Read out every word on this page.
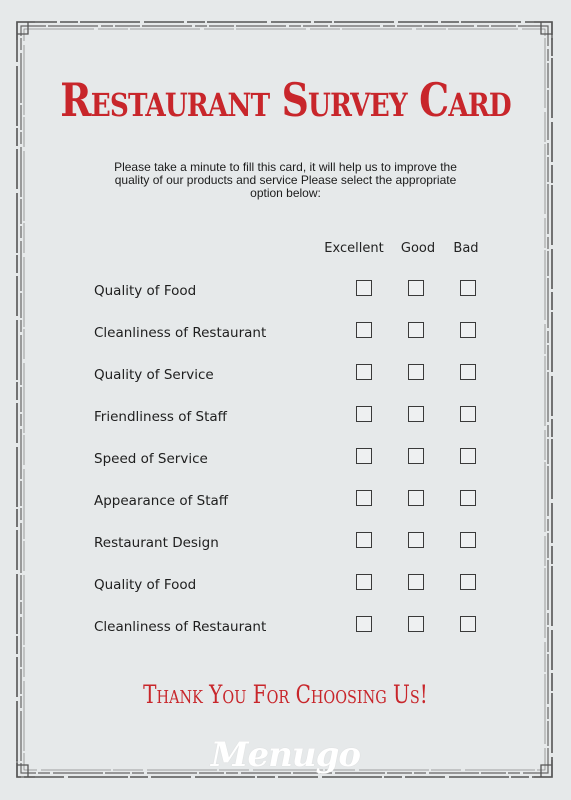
Restaurant Survey Card

Please take a minute to fill this card, it will help us to improve the quality of our products and service Please select the appropriate option below:

Excellent	Good	Bad
Quality of Food
Cleanliness of Restaurant
Quality of Service
Friendliness of Staff
Speed of Service
Appearance of Staff
Restaurant Design
Quality of Food
Cleanliness of Restaurant
Thank You For Choosing Us!
Menugo
